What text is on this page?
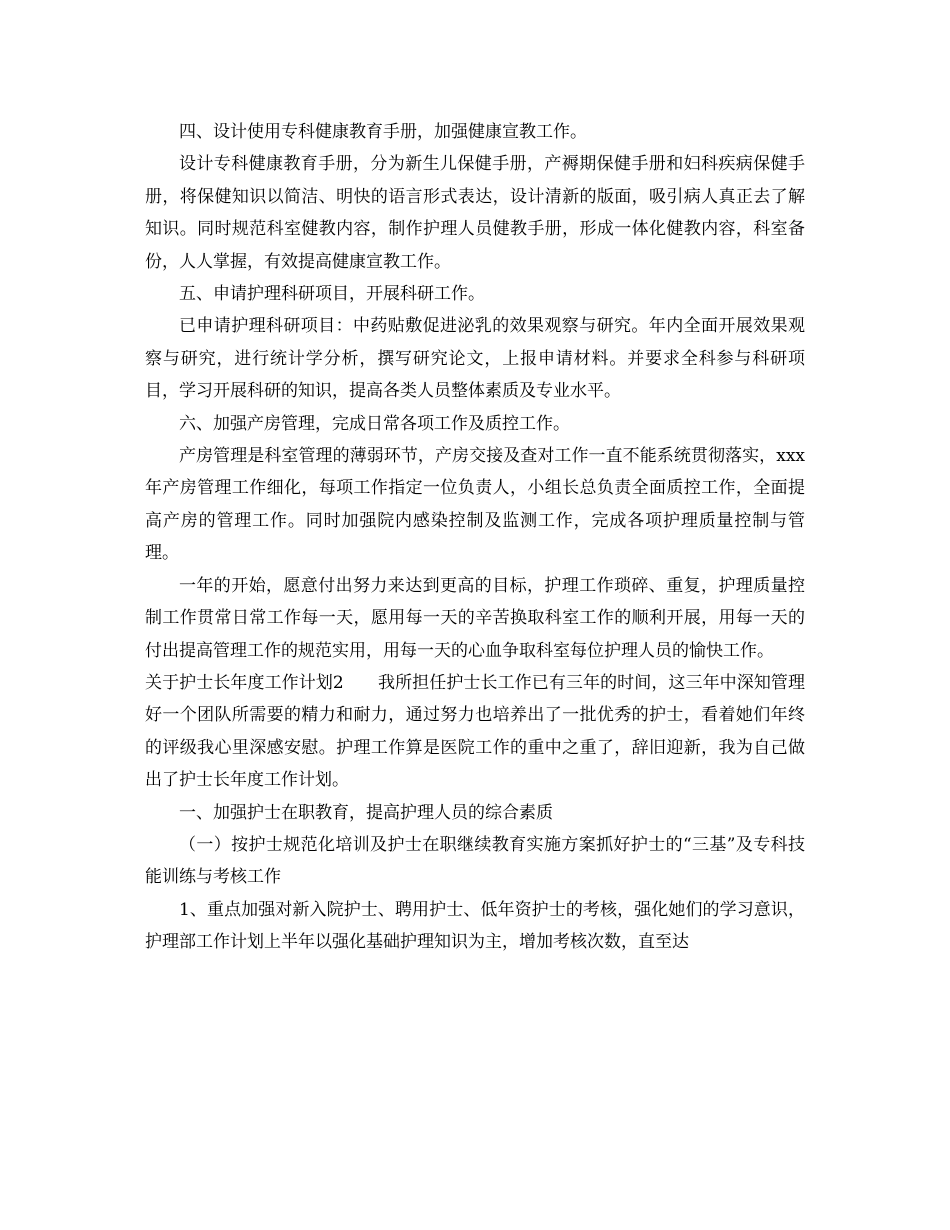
四、设计使用专科健康教育手册，加强健康宣教工作。

设计专科健康教育手册，分为新生儿保健手册，产褥期保健手册和妇科疾病保健手册，将保健知识以简洁、明快的语言形式表达，设计清新的版面，吸引病人真正去了解知识。同时规范科室健教内容，制作护理人员健教手册，形成一体化健教内容，科室备份，人人掌握，有效提高健康宣教工作。

五、申请护理科研项目，开展科研工作。

已申请护理科研项目：中药贴敷促进泌乳的效果观察与研究。年内全面开展效果观察与研究，进行统计学分析，撰写研究论文，上报申请材料。并要求全科参与科研项目，学习开展科研的知识，提高各类人员整体素质及专业水平。

六、加强产房管理，完成日常各项工作及质控工作。

产房管理是科室管理的薄弱环节，产房交接及查对工作一直不能系统贯彻落实，xxx年产房管理工作细化，每项工作指定一位负责人，小组长总负责全面质控工作，全面提高产房的管理工作。同时加强院内感染控制及监测工作，完成各项护理质量控制与管理。

一年的开始，愿意付出努力来达到更高的目标，护理工作琐碎、重复，护理质量控制工作贯常日常工作每一天，愿用每一天的辛苦换取科室工作的顺利开展，用每一天的付出提高管理工作的规范实用，用每一天的心血争取科室每位护理人员的愉快工作。

关于护士长年度工作计划2　　我所担任护士长工作已有三年的时间，这三年中深知管理好一个团队所需要的精力和耐力，通过努力也培养出了一批优秀的护士，看着她们年终的评级我心里深感安慰。护理工作算是医院工作的重中之重了，辞旧迎新，我为自己做出了护士长年度工作计划。

一、加强护士在职教育，提高护理人员的综合素质

（一）按护士规范化培训及护士在职继续教育实施方案抓好护士的“三基”及专科技能训练与考核工作

1、重点加强对新入院护士、聘用护士、低年资护士的考核，强化她们的学习意识，护理部工作计划上半年以强化基础护理知识为主，增加考核次数，直至达
